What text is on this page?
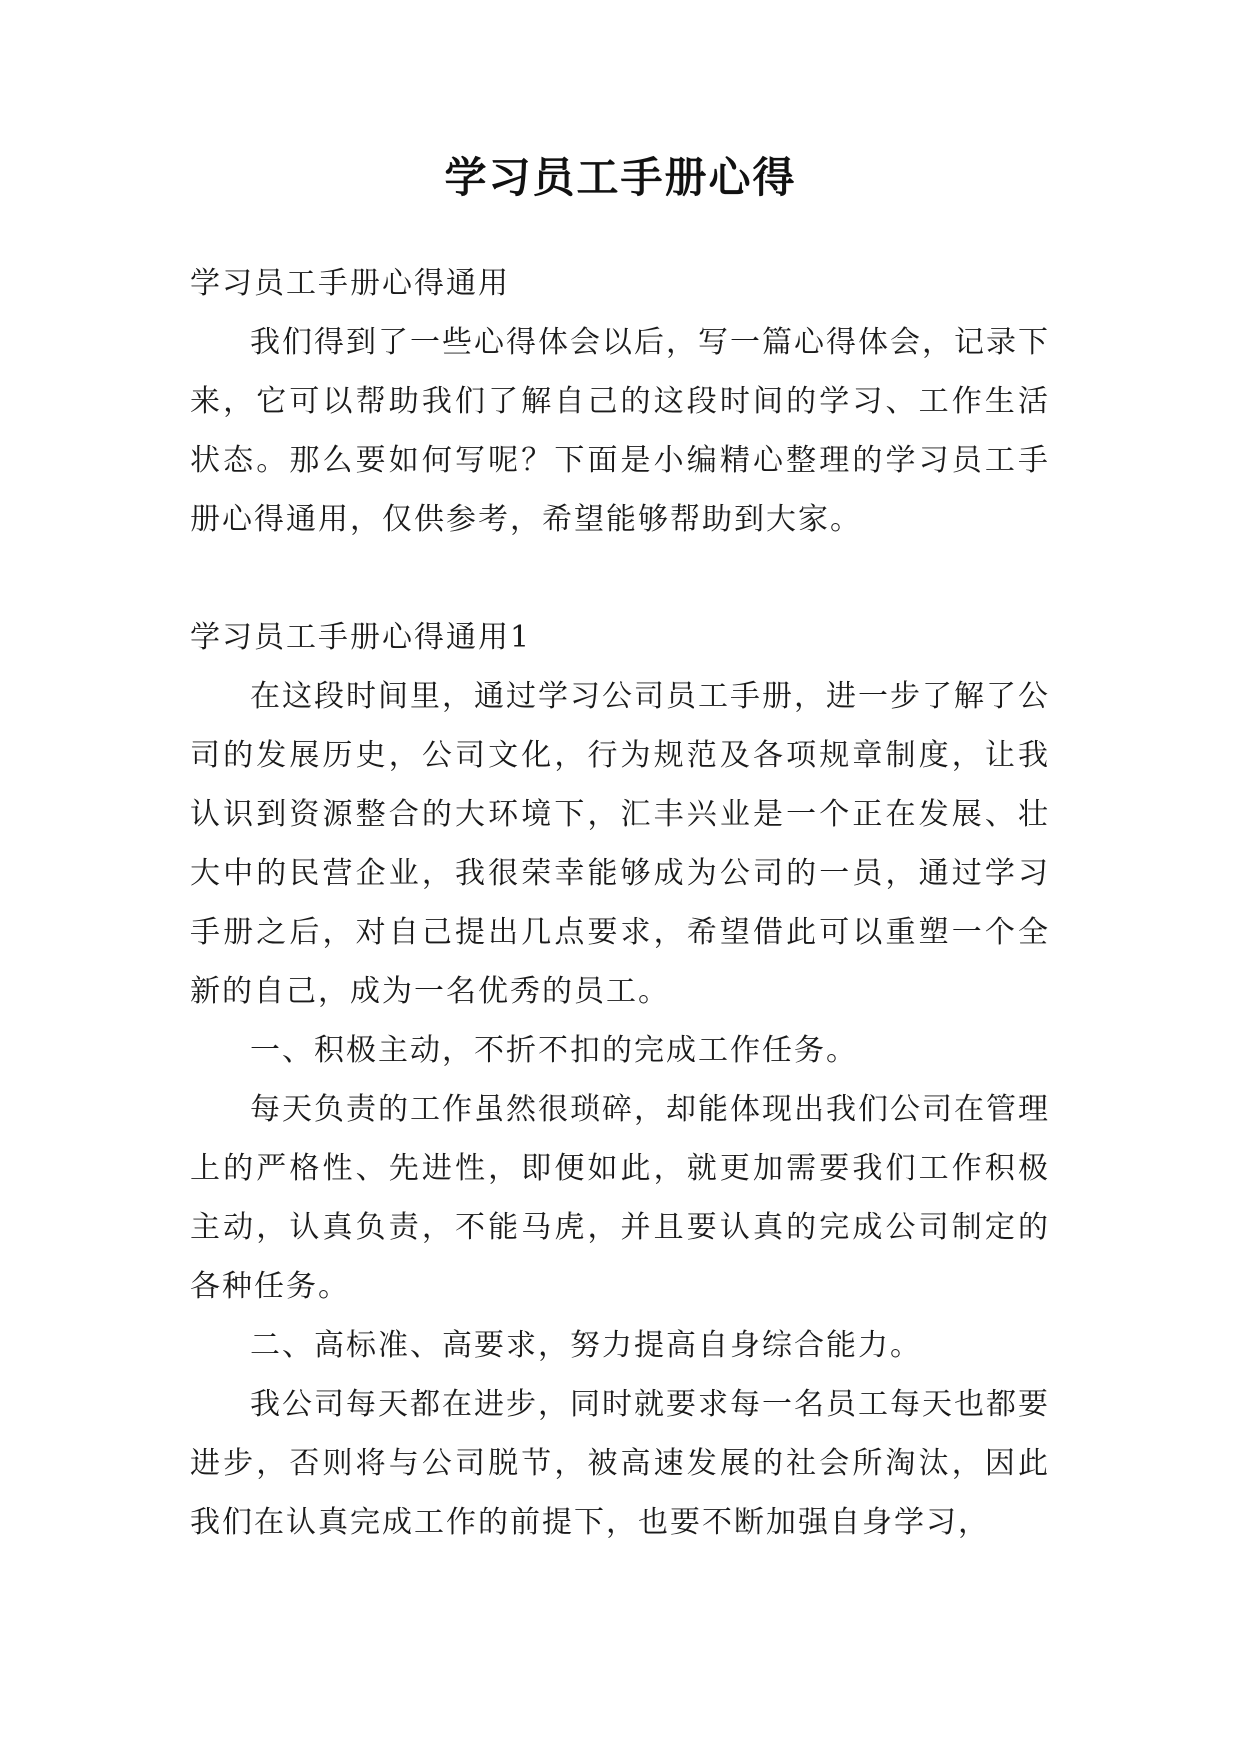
学习员工手册心得

学习员工手册心得通用

我们得到了一些心得体会以后，写一篇心得体会，记录下来，它可以帮助我们了解自己的这段时间的学习、工作生活状态。那么要如何写呢？下面是小编精心整理的学习员工手册心得通用，仅供参考，希望能够帮助到大家。

学习员工手册心得通用1

在这段时间里，通过学习公司员工手册，进一步了解了公司的发展历史，公司文化，行为规范及各项规章制度，让我认识到资源整合的大环境下，汇丰兴业是一个正在发展、壮大中的民营企业，我很荣幸能够成为公司的一员，通过学习手册之后，对自己提出几点要求，希望借此可以重塑一个全新的自己，成为一名优秀的员工。

一、积极主动，不折不扣的完成工作任务。

每天负责的工作虽然很琐碎，却能体现出我们公司在管理上的严格性、先进性，即便如此，就更加需要我们工作积极主动，认真负责，不能马虎，并且要认真的完成公司制定的各种任务。

二、高标准、高要求，努力提高自身综合能力。

我公司每天都在进步，同时就要求每一名员工每天也都要进步，否则将与公司脱节，被高速发展的社会所淘汰，因此我们在认真完成工作的前提下，也要不断加强自身学习，
